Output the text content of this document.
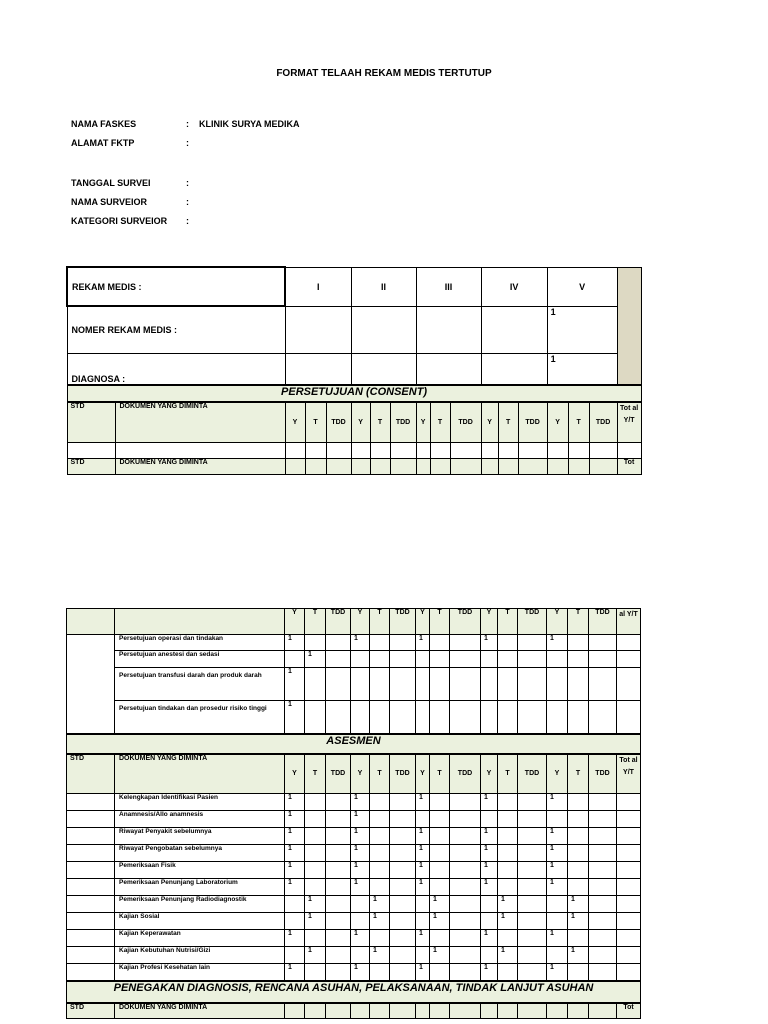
FORMAT TELAAH REKAM MEDIS TERTUTUP
NAMA FASKES	: KLINIK SURYA MEDIKA
ALAMAT FKTP	:
TANGGAL SURVEI	:
NAMA SURVEIOR	:
KATEGORI SURVEIOR :
REKAM MEDIS :		I			II			III			IV			V			
NOMER REKAM MEDIS :														1			
DIAGNOSA :														1			
PERSETUJUAN (CONSENT)																	
STD	DOKUMEN YANG DIMINTA	Y	T	TDD	Y	T	TDD	Y	T	TDD	Y	T	TDD	Y	T	TDD	Tot al Y/T

STD	DOKUMEN YANG DIMINTA																Tot
		Y	T	TDD	Y	T	TDD	Y	T	TDD	Y	T	TDD	Y	T	TDD	al Y/T
	Persetujuan operasi dan tindakan	1			1			1			1			1			
	Persetujuan anestesi dan sedasi		1														
	Persetujuan transfusi darah dan produk darah	1															
	Persetujuan tindakan dan prosedur risiko tinggi	1															
ASESMEN																	
STD	DOKUMEN YANG DIMINTA	Y	T	TDD	Y	T	TDD	Y	T	TDD	Y	T	TDD	Y	T	TDD	Tot al Y/T
	Kelengkapan Identifikasi Pasien	1			1			1			1			1			
	Anamnesis/Allo anamnesis	1			1												
	Riwayat Penyakit sebelumnya	1			1			1			1			1			
	Riwayat Pengobatan sebelumnya	1			1			1			1			1			
	Pemeriksaan Fisik	1			1			1			1			1			
	Pemeriksaan Penunjang Laboratorium	1			1			1			1			1			
	Pemeriksaan Penunjang Radiodiagnostik		1			1			1			1			1		
	Kajian Sosial		1			1			1			1			1		
	Kajian Keperawatan	1			1			1			1			1			
	Kajian Kebutuhan Nutrisi/Gizi		1			1			1			1			1		
	Kajian Profesi Kesehatan lain	1			1			1			1			1			
PENEGAKAN DIAGNOSIS, RENCANA ASUHAN, PELAKSANAAN, TINDAK LANJUT ASUHAN																	
STD	DOKUMEN YANG DIMINTA																Tot
